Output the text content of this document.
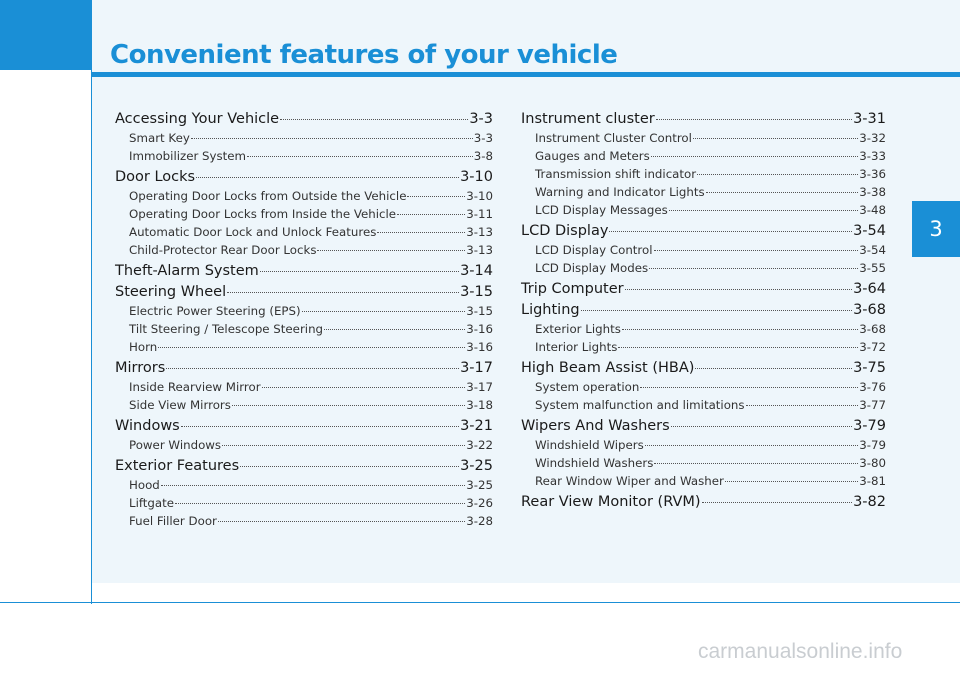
Convenient features of your vehicle
3
Accessing Your Vehicle	3-3
Smart Key	3-3
Immobilizer System	3-8
Door Locks	3-10
Operating Door Locks from Outside the Vehicle	3-10
Operating Door Locks from Inside the Vehicle	3-11
Automatic Door Lock and Unlock Features	3-13
Child-Protector Rear Door Locks	3-13
Theft-Alarm System	3-14
Steering Wheel	3-15
Electric Power Steering (EPS)	3-15
Tilt Steering / Telescope Steering	3-16
Horn	3-16
Mirrors	3-17
Inside Rearview Mirror	3-17
Side View Mirrors	3-18
Windows	3-21
Power Windows	3-22
Exterior Features	3-25
Hood	3-25
Liftgate	3-26
Fuel Filler Door	3-28
Instrument cluster	3-31
Instrument Cluster Control	3-32
Gauges and Meters	3-33
Transmission shift indicator	3-36
Warning and Indicator Lights	3-38
LCD Display Messages	3-48
LCD Display	3-54
LCD Display Control	3-54
LCD Display Modes	3-55
Trip Computer	3-64
Lighting	3-68
Exterior Lights	3-68
Interior Lights	3-72
High Beam Assist (HBA)	3-75
System operation	3-76
System malfunction and limitations	3-77
Wipers And Washers	3-79
Windshield Wipers	3-79
Windshield Washers	3-80
Rear Window Wiper and Washer	3-81
Rear View Monitor (RVM)	3-82
carmanualsonline.info
